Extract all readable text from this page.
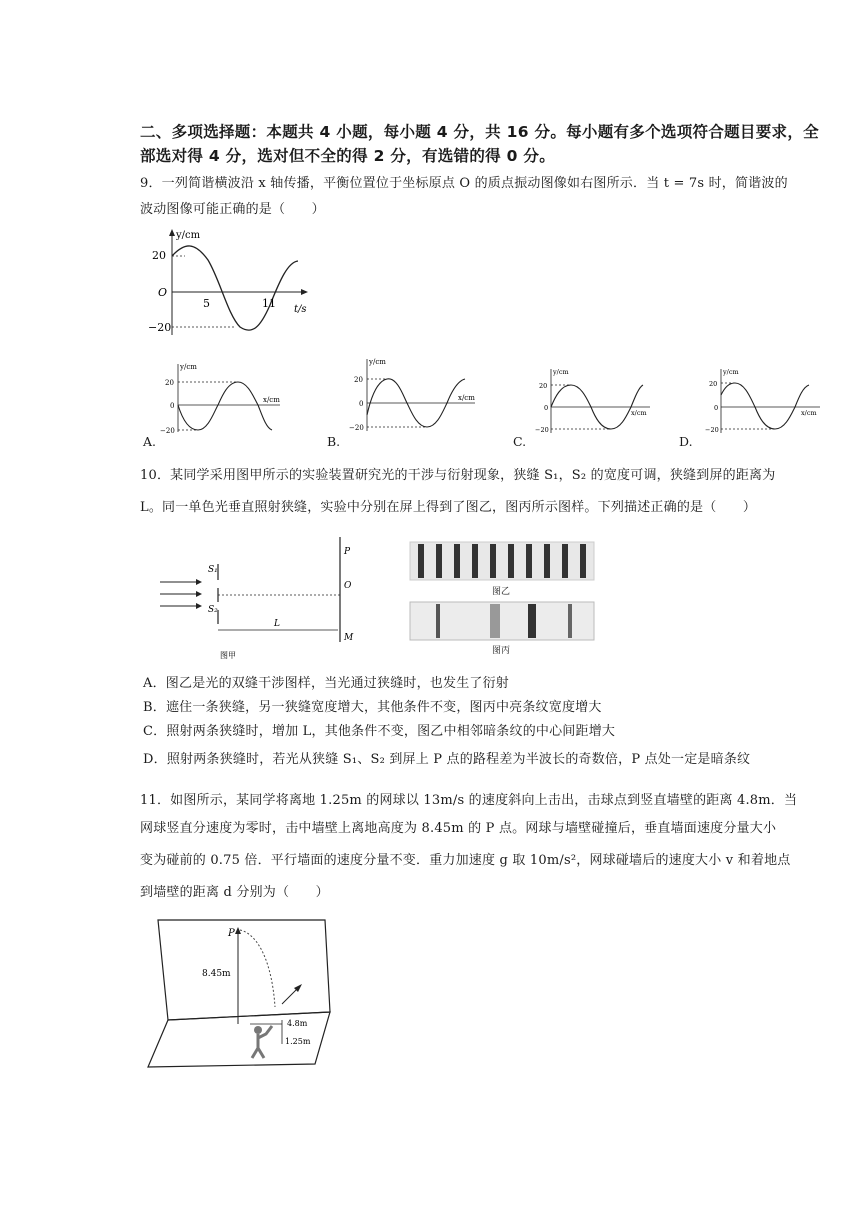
二、多项选择题：本题共 4 小题，每小题 4 分，共 16 分。每小题有多个选项符合题目要求，全
部选对得 4 分，选对但不全的得 2 分，有选错的得 0 分。
9．一列简谐横波沿 x 轴传播，平衡位置位于坐标原点 O 的质点振动图像如右图所示．当 t = 7s 时，简谐波的
波动图像可能正确的是（　　）
y/cm
20
O
−20
5	11 t/s
y/cm
20
0
−20
x/cm
A.
y/cm
20
0
−20
x/cm
B.
y/cm
20
0
−20
x/cm
C.
y/cm
20
0
−20
x/cm
D.
10．某同学采用图甲所示的实验装置研究光的干涉与衍射现象，狭缝 S₁，S₂ 的宽度可调，狭缝到屏的距离为
L。同一单色光垂直照射狭缝，实验中分别在屏上得到了图乙，图丙所示图样。下列描述正确的是（　　）
S₁
S₂
P
O
M
L
图甲
图乙
图丙
A．图乙是光的双缝干涉图样，当光通过狭缝时，也发生了衍射
B．遮住一条狭缝，另一狭缝宽度增大，其他条件不变，图丙中亮条纹宽度增大
C．照射两条狭缝时，增加 L，其他条件不变，图乙中相邻暗条纹的中心间距增大
D．照射两条狭缝时，若光从狭缝 S₁、S₂ 到屏上 P 点的路程差为半波长的奇数倍，P 点处一定是暗条纹
11．如图所示，某同学将离地 1.25m 的网球以 13m/s 的速度斜向上击出，击球点到竖直墙壁的距离 4.8m．当
网球竖直分速度为零时，击中墙壁上离地高度为 8.45m 的 P 点。网球与墙壁碰撞后，垂直墙面速度分量大小
变为碰前的 0.75 倍．平行墙面的速度分量不变．重力加速度 g 取 10m/s²，网球碰墙后的速度大小 v 和着地点
到墙壁的距离 d 分别为（　　）
P
8.45m
4.8m
1.25m
